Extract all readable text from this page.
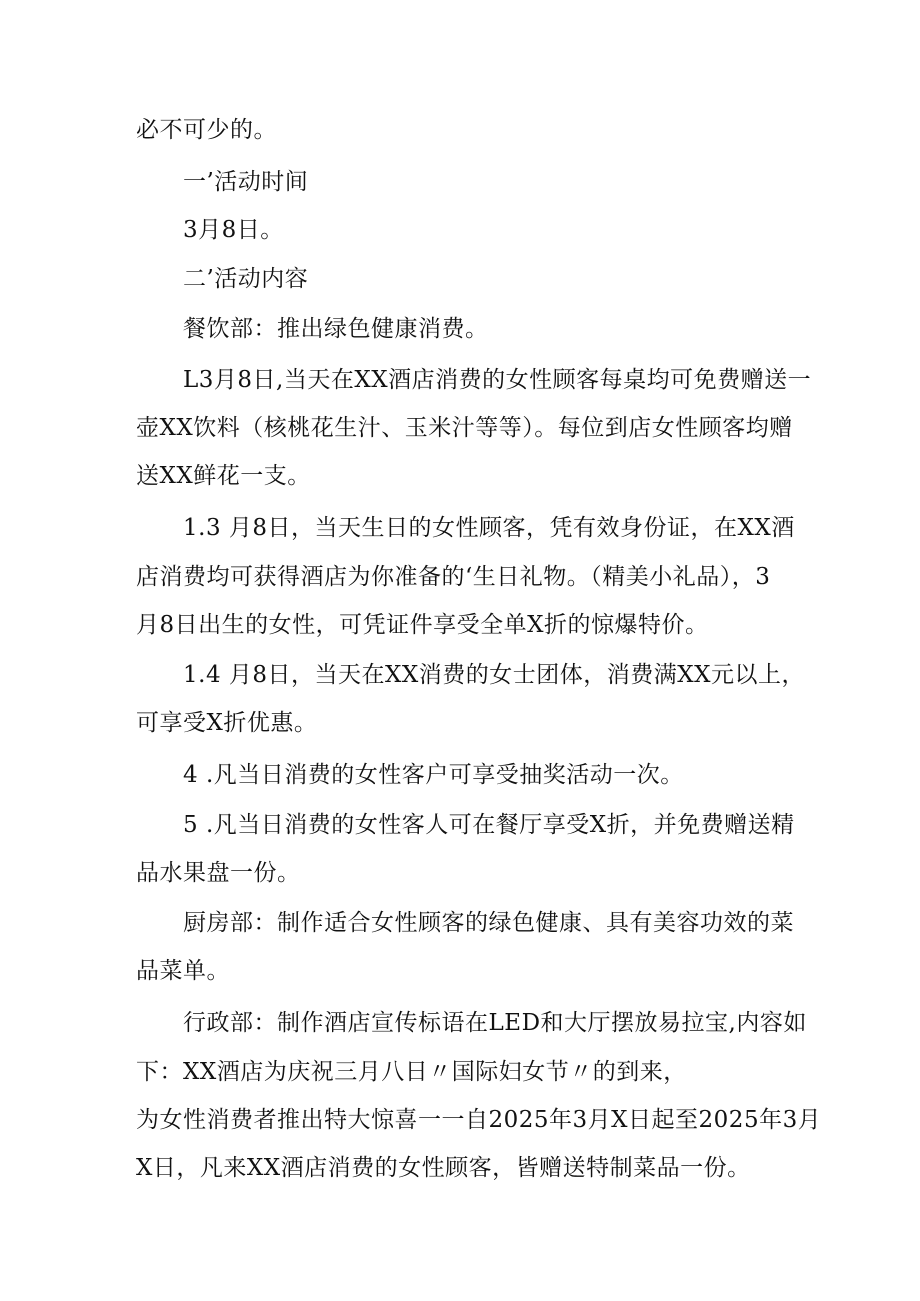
必不可少的。
一’活动时间
3月8日。
二’活动内容
餐饮部：推出绿色健康消费。
L3月8日,当天在XX酒店消费的女性顾客每桌均可免费赠送一
壶XX饮料（核桃花生汁、玉米汁等等）。每位到店女性顾客均赠
送XX鲜花一支。
1.3 月8日，当天生日的女性顾客，凭有效身份证，在XX酒
店消费均可获得酒店为你准备的‘生日礼物。（精美小礼品），3
月8日出生的女性，可凭证件享受全单X折的惊爆特价。
1.4 月8日，当天在XX消费的女士团体，消费满XX元以上，
可享受X折优惠。
4 .凡当日消费的女性客户可享受抽奖活动一次。
5 .凡当日消费的女性客人可在餐厅享受X折，并免费赠送精
品水果盘一份。
厨房部：制作适合女性顾客的绿色健康、具有美容功效的菜
品菜单。
行政部：制作酒店宣传标语在LED和大厅摆放易拉宝,内容如
下：XX酒店为庆祝三月八日〃国际妇女节〃的到来，
为女性消费者推出特大惊喜一一自2025年3月X日起至2025年3月
X日，凡来XX酒店消费的女性顾客，皆赠送特制菜品一份。
